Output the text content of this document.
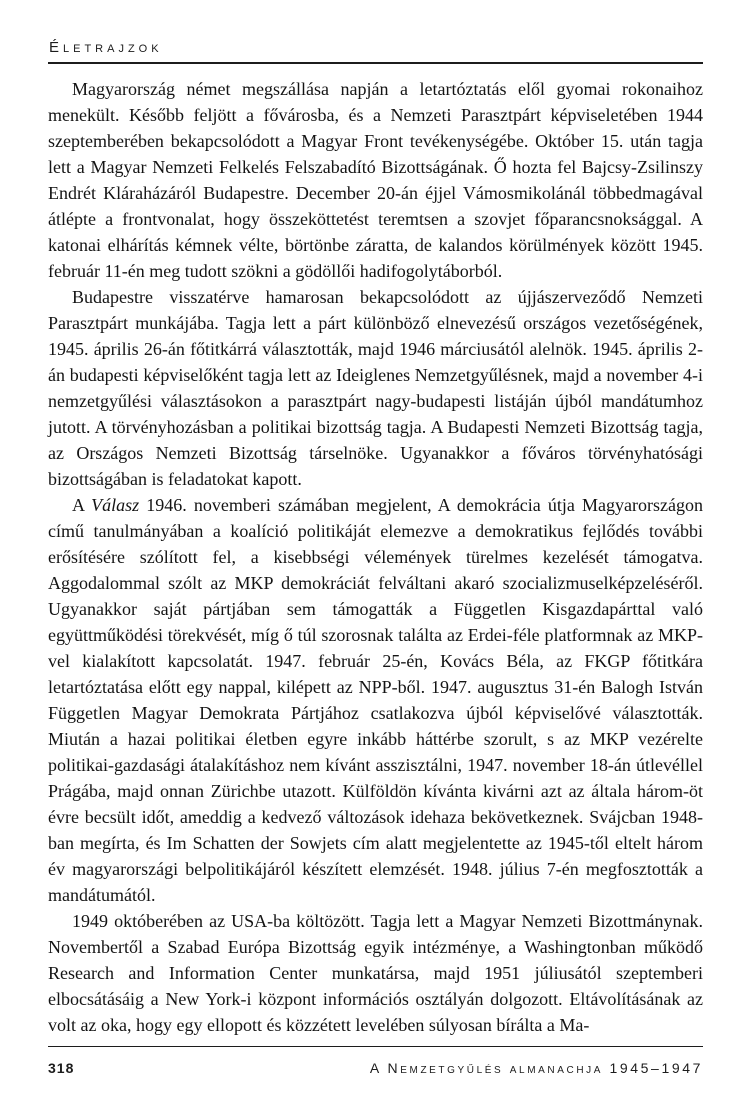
Életrajzok

Magyarország német megszállása napján a letartóztatás elől gyomai rokonaihoz menekült. Később feljött a fővárosba, és a Nemzeti Parasztpárt képviseletében 1944 szeptemberében bekapcsolódott a Magyar Front tevékenységébe. Október 15. után tagja lett a Magyar Nemzeti Felkelés Felszabadító Bizottságának. Ő hozta fel Bajcsy-Zsilinszy Endrét Kláraházáról Budapestre. December 20-án éjjel Vámosmikolánál többedmagával átlépte a frontvonalat, hogy összeköttetést teremtsen a szovjet főparancsnoksággal. A katonai elhárítás kémnek vélte, börtönbe záratta, de kalandos körülmények között 1945. február 11-én meg tudott szökni a gödöllői hadifogolytáborból.

Budapestre visszatérve hamarosan bekapcsolódott az újjászerveződő Nemzeti Parasztpárt munkájába. Tagja lett a párt különböző elnevezésű országos vezetőségének, 1945. április 26-án főtitkárrá választották, majd 1946 márciusától alelnök. 1945. április 2-án budapesti képviselőként tagja lett az Ideiglenes Nemzetgyűlésnek, majd a november 4-i nemzetgyűlési választásokon a parasztpárt nagy-budapesti listáján újból mandátumhoz jutott. A törvényhozásban a politikai bizottság tagja. A Budapesti Nemzeti Bizottság tagja, az Országos Nemzeti Bizottság társelnöke. Ugyanakkor a főváros törvényhatósági bizottságában is feladatokat kapott.

A Válasz 1946. novemberi számában megjelent, A demokrácia útja Magyarországon című tanulmányában a koalíció politikáját elemezve a demokratikus fejlődés további erősítésére szólított fel, a kisebbségi vélemények türelmes kezelését támogatva. Aggodalommal szólt az MKP demokráciát felváltani akaró szocializmuselképzeléséről. Ugyanakkor saját pártjában sem támogatták a Független Kisgazdapárttal való együttműködési törekvését, míg ő túl szorosnak találta az Erdei-féle platformnak az MKP-vel kialakított kapcsolatát. 1947. február 25-én, Kovács Béla, az FKGP főtitkára letartóztatása előtt egy nappal, kilépett az NPP-ből. 1947. augusztus 31-én Balogh István Független Magyar Demokrata Pártjához csatlakozva újból képviselővé választották. Miután a hazai politikai életben egyre inkább háttérbe szorult, s az MKP vezérelte politikai-gazdasági átalakításhoz nem kívánt asszisztálni, 1947. november 18-án útlevéllel Prágába, majd onnan Zürichbe utazott. Külföldön kívánta kivárni azt az általa három-öt évre becsült időt, ameddig a kedvező változások idehaza bekövetkeznek. Svájcban 1948-ban megírta, és Im Schatten der Sowjets cím alatt megjelentette az 1945-től eltelt három év magyarországi belpolitikájáról készített elemzését. 1948. július 7-én megfosztották a mandátumától.

1949 októberében az USA-ba költözött. Tagja lett a Magyar Nemzeti Bizottmánynak. Novembertől a Szabad Európa Bizottság egyik intézménye, a Washingtonban működő Research and Information Center munkatársa, majd 1951 júliusától szeptemberi elbocsátásáig a New York-i központ információs osztályán dolgozott. Eltávolításának az volt az oka, hogy egy ellopott és közzétett levelében súlyosan bírálta a Ma-

318	A Nemzetgyűlés almanachja 1945–1947
